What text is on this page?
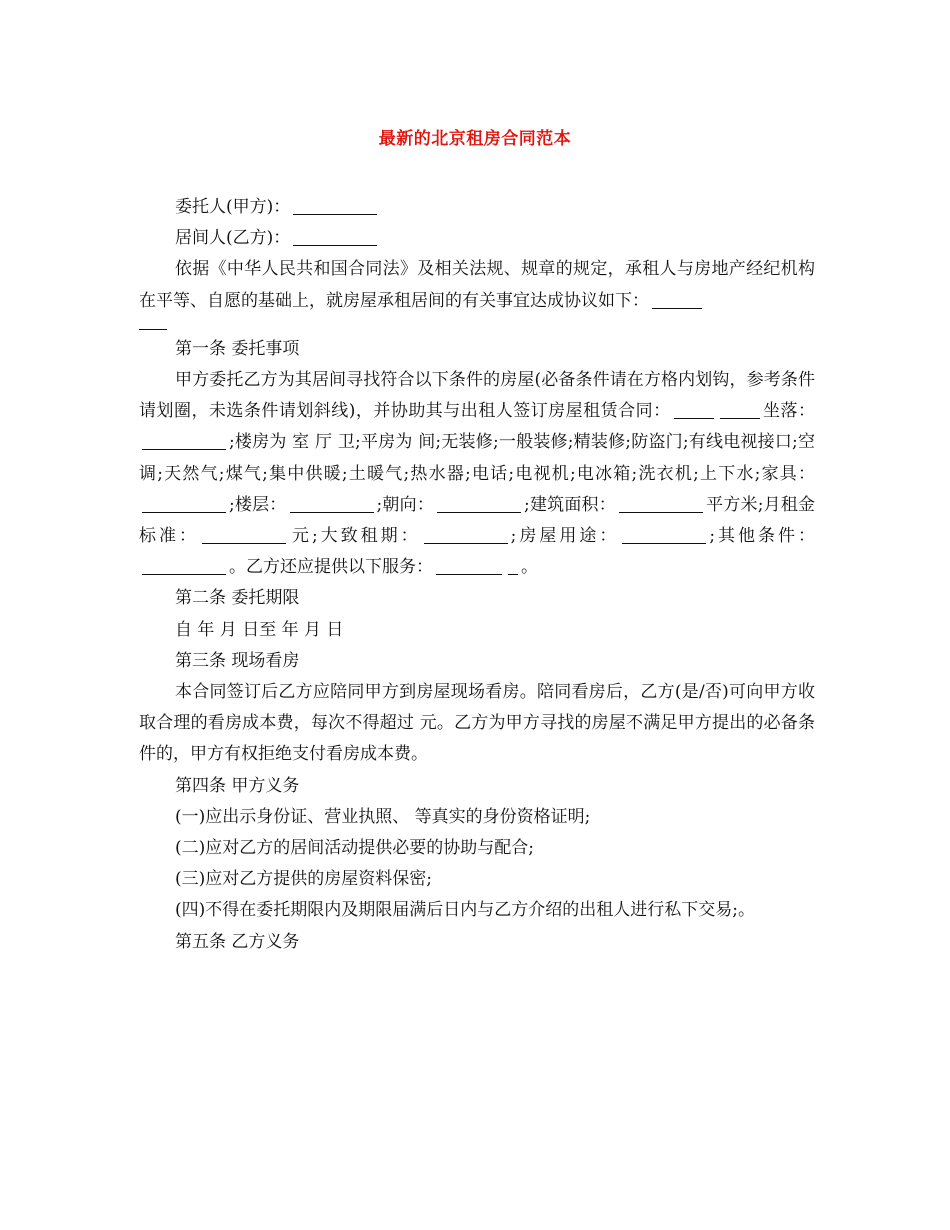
最新的北京租房合同范本

委托人(甲方)：

居间人(乙方)：

依据《中华人民共和国合同法》及相关法规、规章的规定，承租人与房地产经纪机构在平等、自愿的基础上，就房屋承租居间的有关事宜达成协议如下：

第一条 委托事项

甲方委托乙方为其居间寻找符合以下条件的房屋(必备条件请在方格内划钩，参考条件请划圈，未选条件请划斜线)，并协助其与出租人签订房屋租赁合同：	坐落：;楼房为 室 厅 卫;平房为 间;无装修;一般装修;精装修;防盗门;有线电视接口;空调;天然气;煤气;集中供暖;土暖气;热水器;电话;电视机;电冰箱;洗衣机;上下水;家具：;楼层：	;朝向：	;建筑面积：	平方米;月租金标准：	元;大致租期：	;房屋用途：	;其他条件：。乙方还应提供以下服务：	。

第二条 委托期限

自 年 月 日至 年 月 日

第三条 现场看房

本合同签订后乙方应陪同甲方到房屋现场看房。陪同看房后，乙方(是/否)可向甲方收取合理的看房成本费，每次不得超过 元。乙方为甲方寻找的房屋不满足甲方提出的必备条件的，甲方有权拒绝支付看房成本费。

第四条 甲方义务

(一)应出示身份证、营业执照、 等真实的身份资格证明;

(二)应对乙方的居间活动提供必要的协助与配合;

(三)应对乙方提供的房屋资料保密;

(四)不得在委托期限内及期限届满后日内与乙方介绍的出租人进行私下交易;。

第五条 乙方义务
